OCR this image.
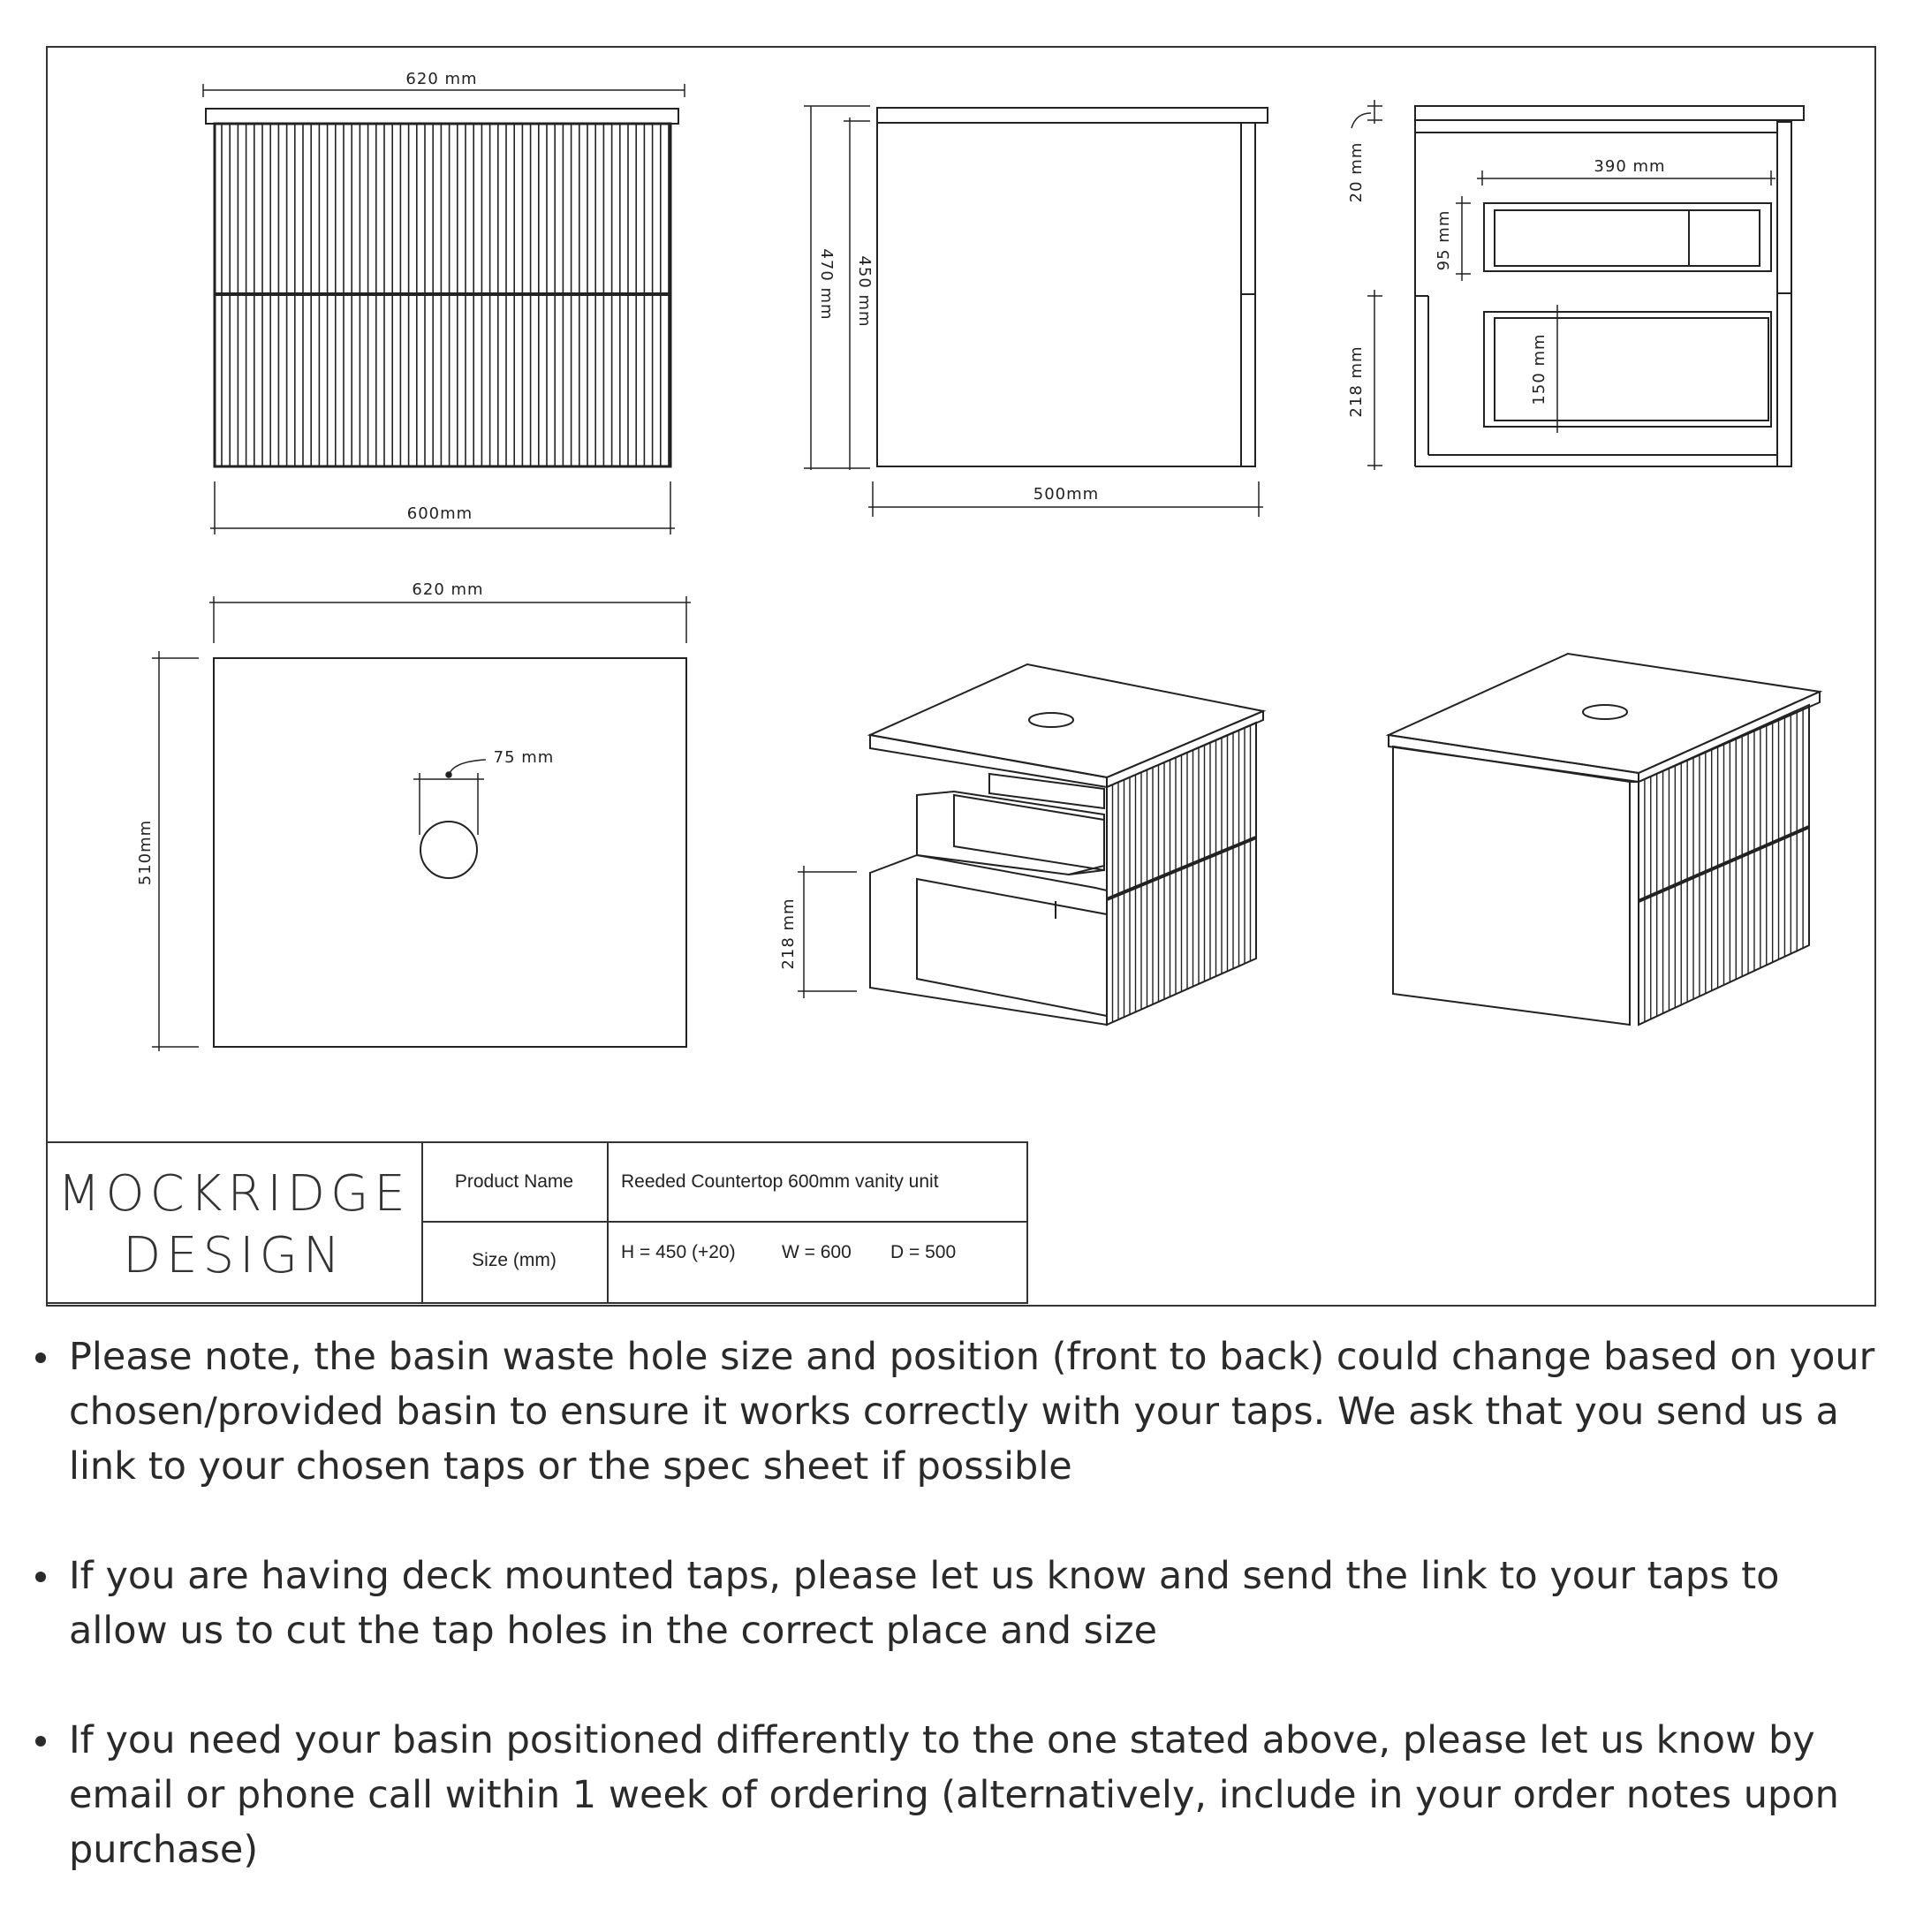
620 mm
600mm
470 mm 450 mm
500mm
20 mm	390 mm
95 mm
218 mm	150 mm
620 mm
510mm
75 mm
218 mm
MOCKRIDGE
DESIGN
Product Name	Reeded Countertop 600mm vanity unit
Size (mm)	H = 450 (+20) W = 600 D = 500
Please note, the basin waste hole size and position (front to back) could change based on your chosen/provided basin to ensure it works correctly with your taps. We ask that you send us a link to your chosen taps or the spec sheet if possible
If you are having deck mounted taps, please let us know and send the link to your taps to allow us to cut the tap holes in the correct place and size
If you need your basin positioned differently to the one stated above, please let us know by email or phone call within 1 week of ordering (alternatively, include in your order notes upon purchase)
